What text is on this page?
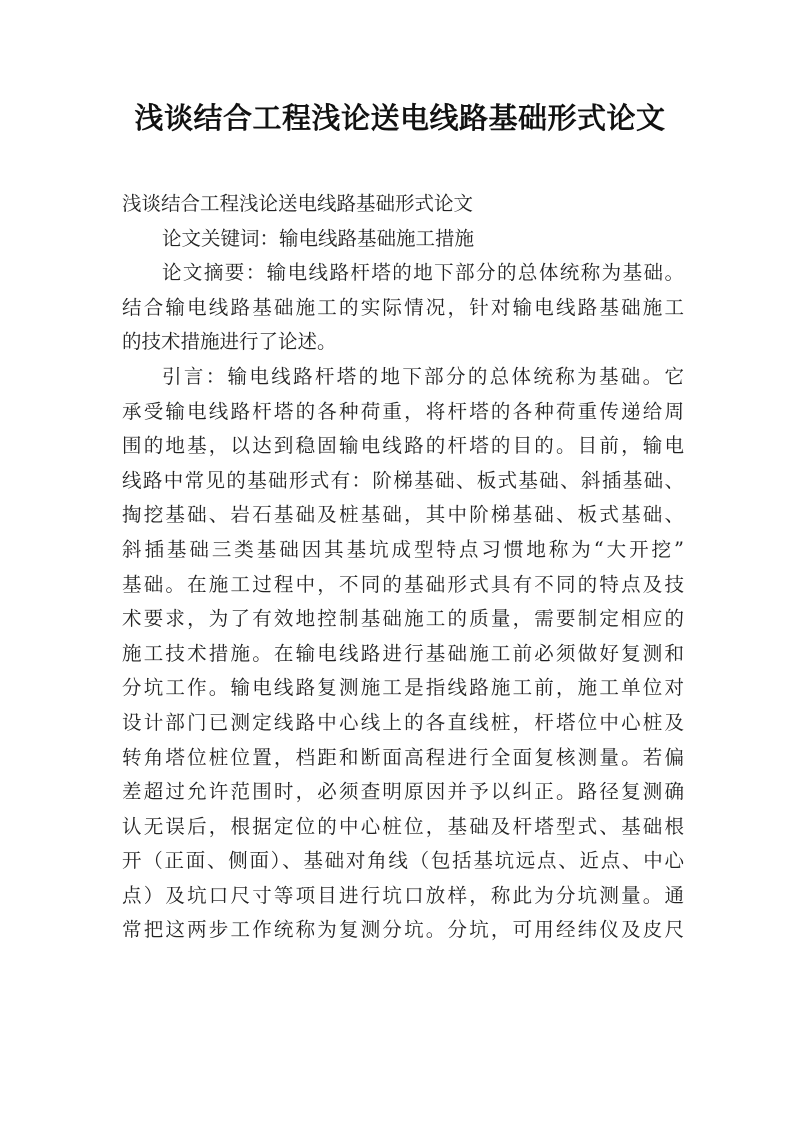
浅谈结合工程浅论送电线路基础形式论文
浅谈结合工程浅论送电线路基础形式论文
论文关键词：输电线路基础施工措施
论文摘要：输电线路杆塔的地下部分的总体统称为基础。
结合输电线路基础施工的实际情况，针对输电线路基础施工
的技术措施进行了论述。
引言：输电线路杆塔的地下部分的总体统称为基础。它
承受输电线路杆塔的各种荷重，将杆塔的各种荷重传递给周
围的地基，以达到稳固输电线路的杆塔的目的。目前，输电
线路中常见的基础形式有：阶梯基础、板式基础、斜插基础、
掏挖基础、岩石基础及桩基础，其中阶梯基础、板式基础、
斜插基础三类基础因其基坑成型特点习惯地称为“大开挖”
基础。在施工过程中，不同的基础形式具有不同的特点及技
术要求，为了有效地控制基础施工的质量，需要制定相应的
施工技术措施。在输电线路进行基础施工前必须做好复测和
分坑工作。输电线路复测施工是指线路施工前，施工单位对
设计部门已测定线路中心线上的各直线桩，杆塔位中心桩及
转角塔位桩位置，档距和断面高程进行全面复核测量。若偏
差超过允许范围时，必须查明原因并予以纠正。路径复测确
认无误后，根据定位的中心桩位，基础及杆塔型式、基础根
开（正面、侧面）、基础对角线（包括基坑远点、近点、中心
点）及坑口尺寸等项目进行坑口放样，称此为分坑测量。通
常把这两步工作统称为复测分坑。分坑，可用经纬仪及皮尺
